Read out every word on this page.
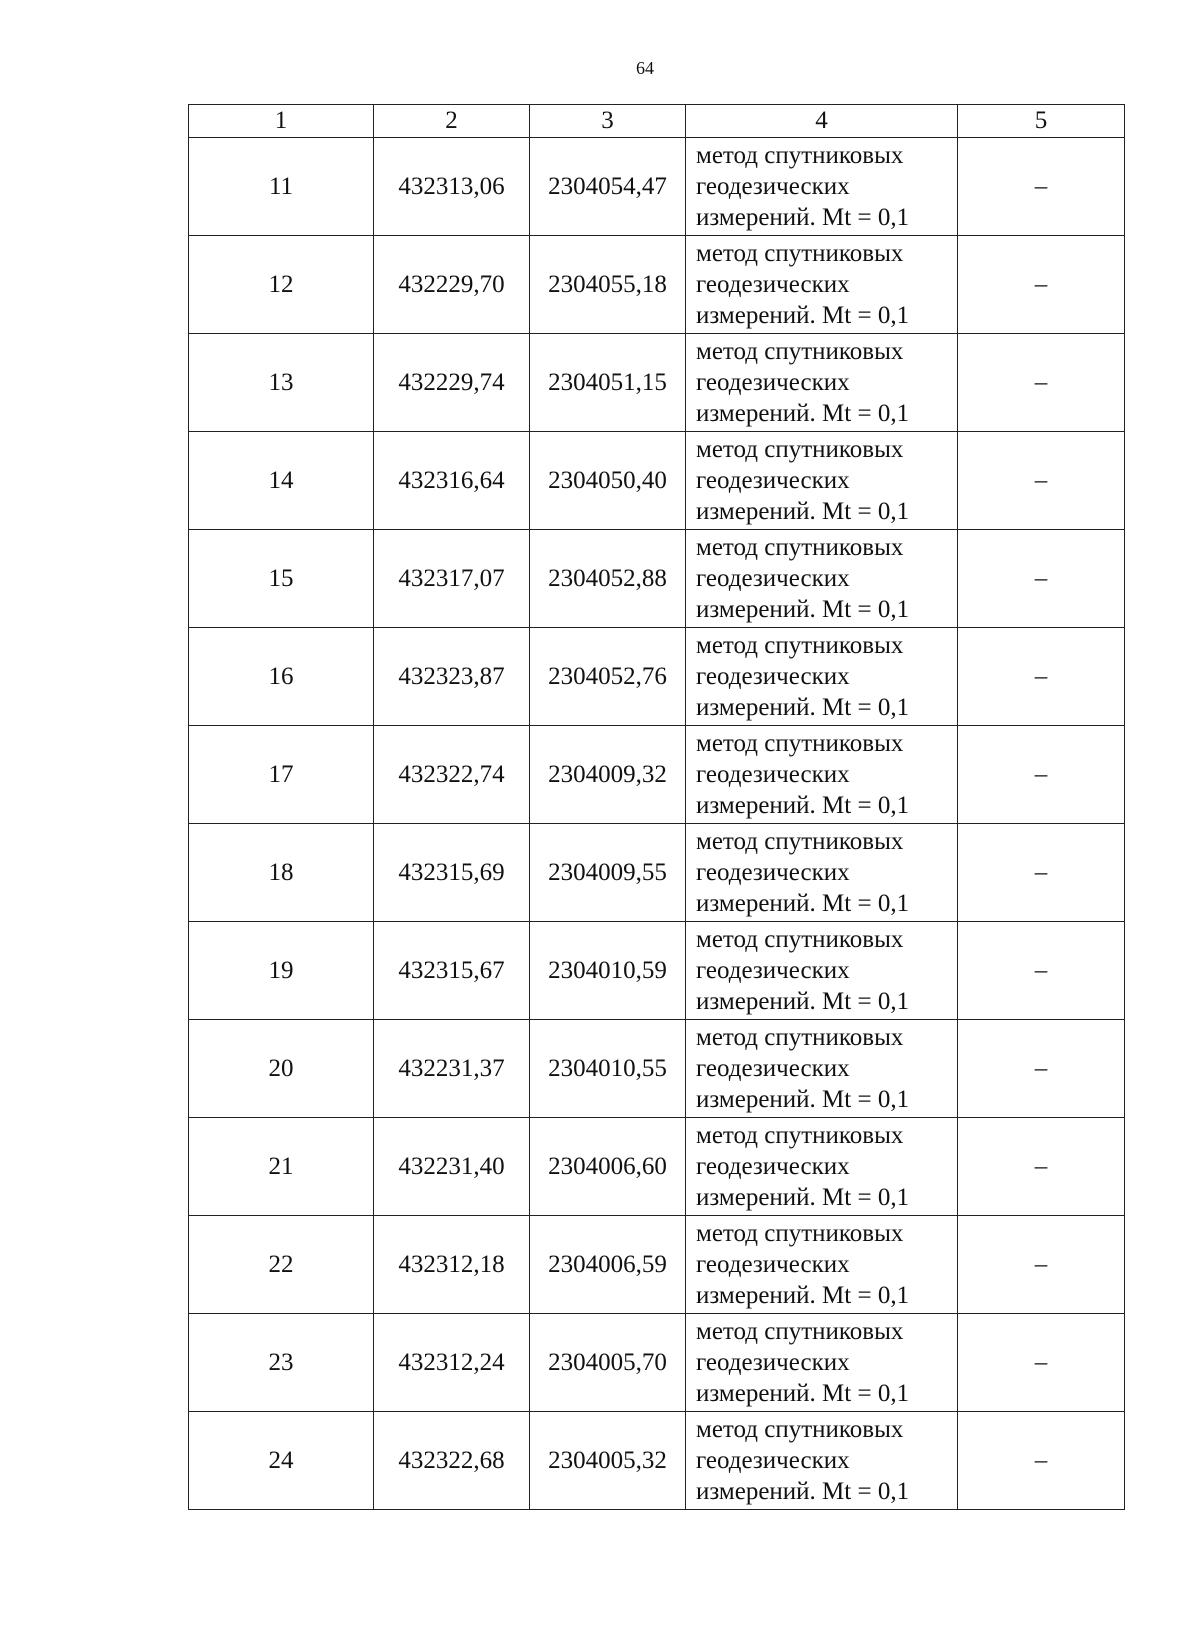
64
1	2	3	4	5
11	432313,06	2304054,47	метод спутниковых
геодезических
измерений. Mt = 0,1	–
12	432229,70	2304055,18	метод спутниковых
геодезических
измерений. Mt = 0,1	–
13	432229,74	2304051,15	метод спутниковых
геодезических
измерений. Mt = 0,1	–
14	432316,64	2304050,40	метод спутниковых
геодезических
измерений. Mt = 0,1	–
15	432317,07	2304052,88	метод спутниковых
геодезических
измерений. Mt = 0,1	–
16	432323,87	2304052,76	метод спутниковых
геодезических
измерений. Mt = 0,1	–
17	432322,74	2304009,32	метод спутниковых
геодезических
измерений. Mt = 0,1	–
18	432315,69	2304009,55	метод спутниковых
геодезических
измерений. Mt = 0,1	–
19	432315,67	2304010,59	метод спутниковых
геодезических
измерений. Mt = 0,1	–
20	432231,37	2304010,55	метод спутниковых
геодезических
измерений. Mt = 0,1	–
21	432231,40	2304006,60	метод спутниковых
геодезических
измерений. Mt = 0,1	–
22	432312,18	2304006,59	метод спутниковых
геодезических
измерений. Mt = 0,1	–
23	432312,24	2304005,70	метод спутниковых
геодезических
измерений. Mt = 0,1	–
24	432322,68	2304005,32	метод спутниковых
геодезических
измерений. Mt = 0,1	–
